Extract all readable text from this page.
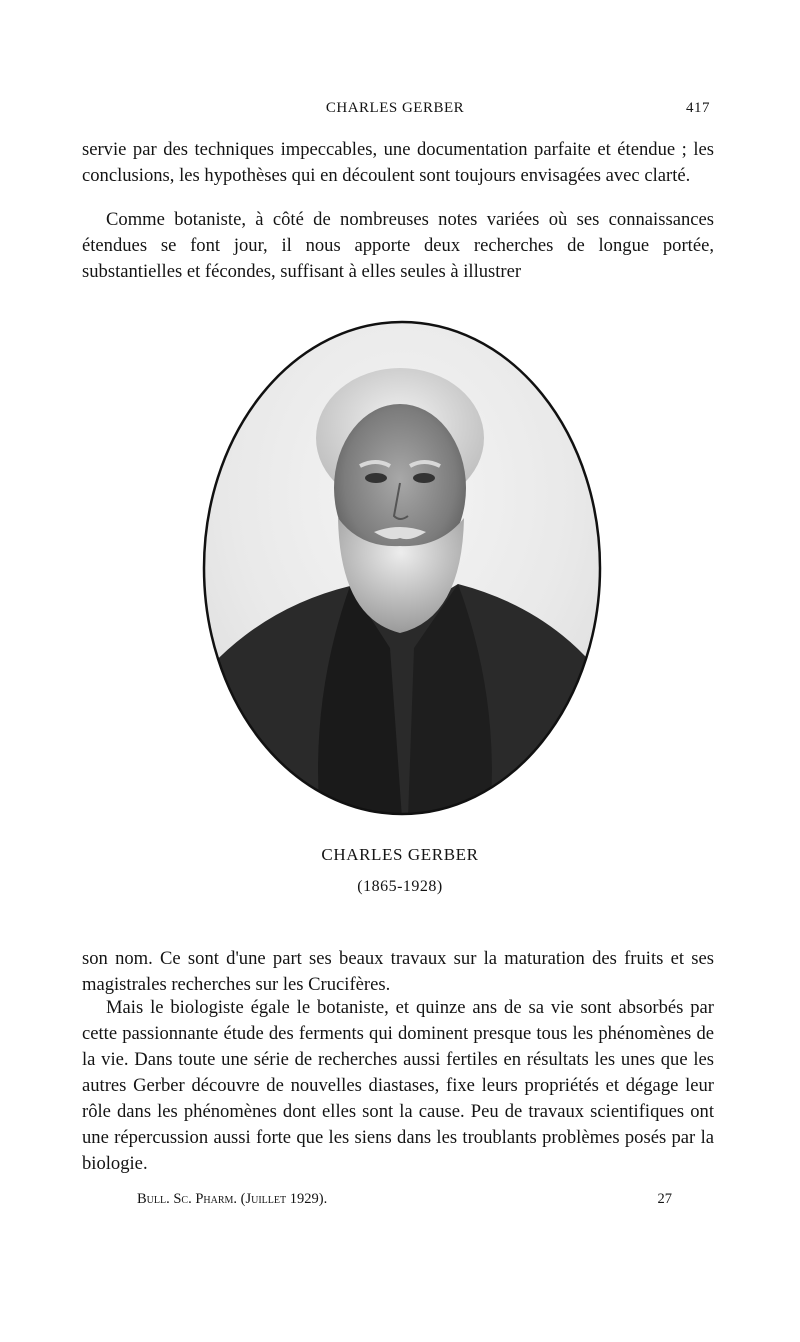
CHARLES GERBER	417

servie par des techniques impeccables, une documentation parfaite et étendue ; les conclusions, les hypothèses qui en découlent sont toujours envisagées avec clarté.

Comme botaniste, à côté de nombreuses notes variées où ses connaissances étendues se font jour, il nous apporte deux recherches de longue portée, substantielles et fécondes, suffisant à elles seules à illustrer

CHARLES GERBER
(1865-1928)

son nom. Ce sont d'une part ses beaux travaux sur la maturation des fruits et ses magistrales recherches sur les Crucifères.

Mais le biologiste égale le botaniste, et quinze ans de sa vie sont absorbés par cette passionnante étude des ferments qui dominent presque tous les phénomènes de la vie. Dans toute une série de recherches aussi fertiles en résultats les unes que les autres Gerber découvre de nouvelles diastases, fixe leurs propriétés et dégage leur rôle dans les phénomènes dont elles sont la cause. Peu de travaux scientifiques ont une répercussion aussi forte que les siens dans les troublants problèmes posés par la biologie.

Bull. Sc. Pharm. (Juillet 1929).	27
